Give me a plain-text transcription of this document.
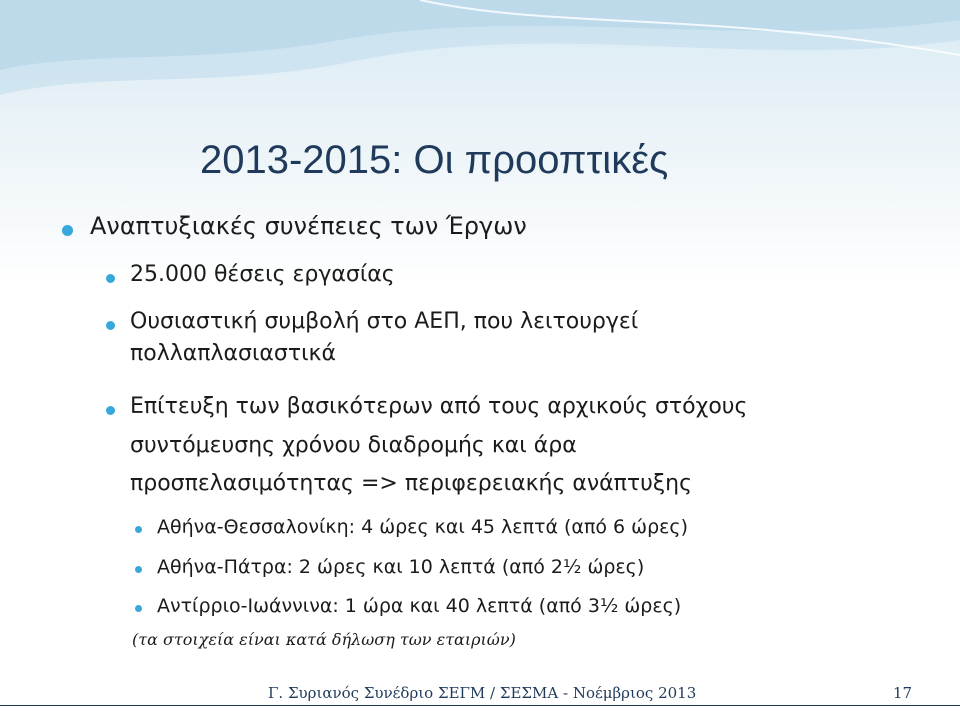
2013-2015: Οι προοπτικές
Αναπτυξιακές συνέπειες των Έργων
25.000 θέσεις εργασίας
Ουσιαστική συμβολή στο ΑΕΠ, που λειτουργεί
πολλαπλασιαστικά
Επίτευξη των βασικότερων από τους αρχικούς στόχους
συντόμευσης χρόνου διαδρομής και άρα
προσπελασιμότητας => περιφερειακής ανάπτυξης
Αθήνα-Θεσσαλονίκη: 4 ώρες και 45 λεπτά (από 6 ώρες)
Αθήνα-Πάτρα: 2 ώρες και 10 λεπτά (από 2½ ώρες)
Αντίρριο-Ιωάννινα: 1 ώρα και 40 λεπτά (από 3½ ώρες)
(τα στοιχεία είναι κατά δήλωση των εταιριών)
Γ. Συριανός Συνέδριο ΣΕΓΜ / ΣΕΣΜΑ - Νοέμβριος 2013	17
